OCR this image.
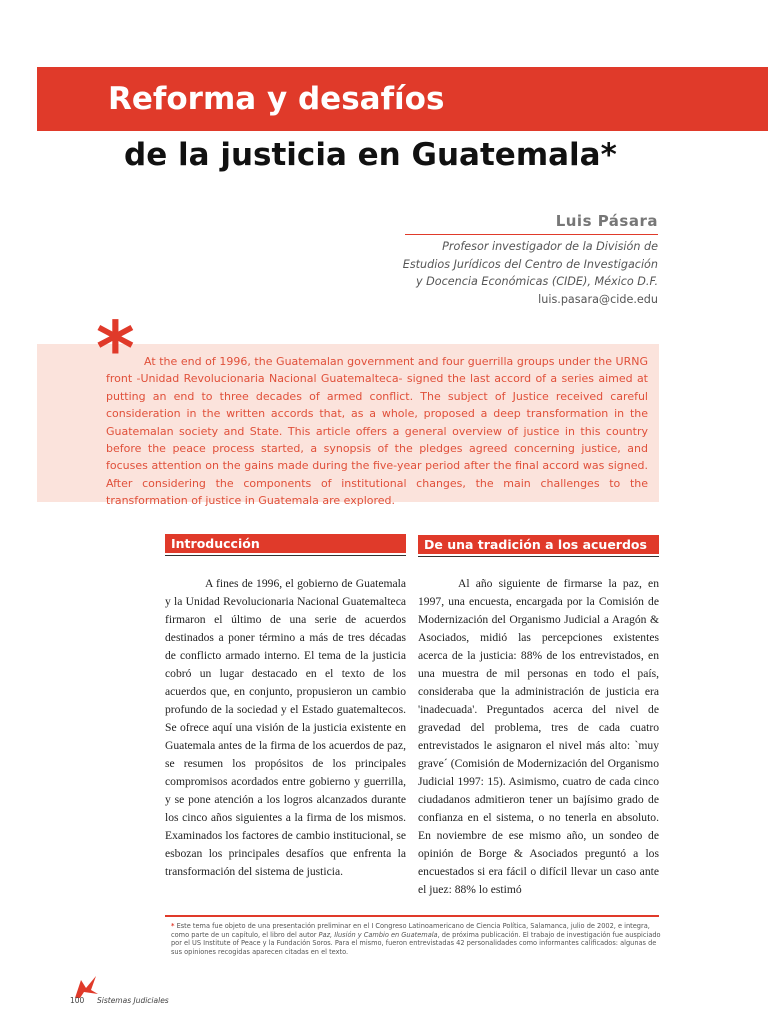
Reforma y desafíos
de la justicia en Guatemala*
Luis Pásara
Profesor investigador de la División de
Estudios Jurídicos del Centro de Investigación
y Docencia Económicas (CIDE), México D.F.
luis.pasara@cide.edu
* At the end of 1996, the Guatemalan government and four guerrilla groups under the URNG front -Unidad Revolucionaria Nacional Guatemalteca- signed the last accord of a series aimed at putting an end to three decades of armed conflict. The subject of Justice received careful consideration in the written accords that, as a whole, proposed a deep transformation in the Guatemalan society and State. This article offers a general overview of justice in this country before the peace process started, a synopsis of the pledges agreed concerning justice, and focuses attention on the gains made during the five-year period after the final accord was signed. After considering the components of institutional changes, the main challenges to the transformation of justice in Guatemala are explored.

Introducción	De una tradición a los acuerdos

A fines de 1996, el gobierno de Guatemala y la Unidad Revolucionaria Nacional Guatemalteca firmaron el último de una serie de acuerdos destinados a poner término a más de tres décadas de conflicto armado interno. El tema de la justicia cobró un lugar destacado en el texto de los acuerdos que, en conjunto, propusieron un cambio profundo de la sociedad y el Estado guatemaltecos. Se ofrece aquí una visión de la justicia existente en Guatemala antes de la firma de los acuerdos de paz, se resumen los propósitos de los principales compromisos acordados entre gobierno y guerrilla, y se pone atención a los logros alcanzados durante los cinco años siguientes a la firma de los mismos. Examinados los factores de cambio institucional, se esbozan los principales desafíos que enfrenta la transformación del sistema de justicia.

Al año siguiente de firmarse la paz, en 1997, una encuesta, encargada por la Comisión de Modernización del Organismo Judicial a Aragón & Asociados, midió las percepciones existentes acerca de la justicia: 88% de los entrevistados, en una muestra de mil personas en todo el país, consideraba que la administración de justicia era 'inadecuada'. Preguntados acerca del nivel de gravedad del problema, tres de cada cuatro entrevistados le asignaron el nivel más alto: `muy grave´ (Comisión de Modernización del Organismo Judicial 1997: 15). Asimismo, cuatro de cada cinco ciudadanos admitieron tener un bajísimo grado de confianza en el sistema, o no tenerla en absoluto. En noviembre de ese mismo año, un sondeo de opinión de Borge & Asociados preguntó a los encuestados si era fácil o difícil llevar un caso ante el juez: 88% lo estimó

* Este tema fue objeto de una presentación preliminar en el I Congreso Latinoamericano de Ciencia Política, Salamanca, julio de 2002, e integra, como parte de un capítulo, el libro del autor Paz, Ilusión y Cambio en Guatemala, de próxima publicación. El trabajo de investigación fue auspiciado por el US Institute of Peace y la Fundación Soros. Para el mismo, fueron entrevistadas 42 personalidades como informantes calificados: algunas de sus opiniones recogidas aparecen citadas en el texto.

100 Sistemas Judiciales
